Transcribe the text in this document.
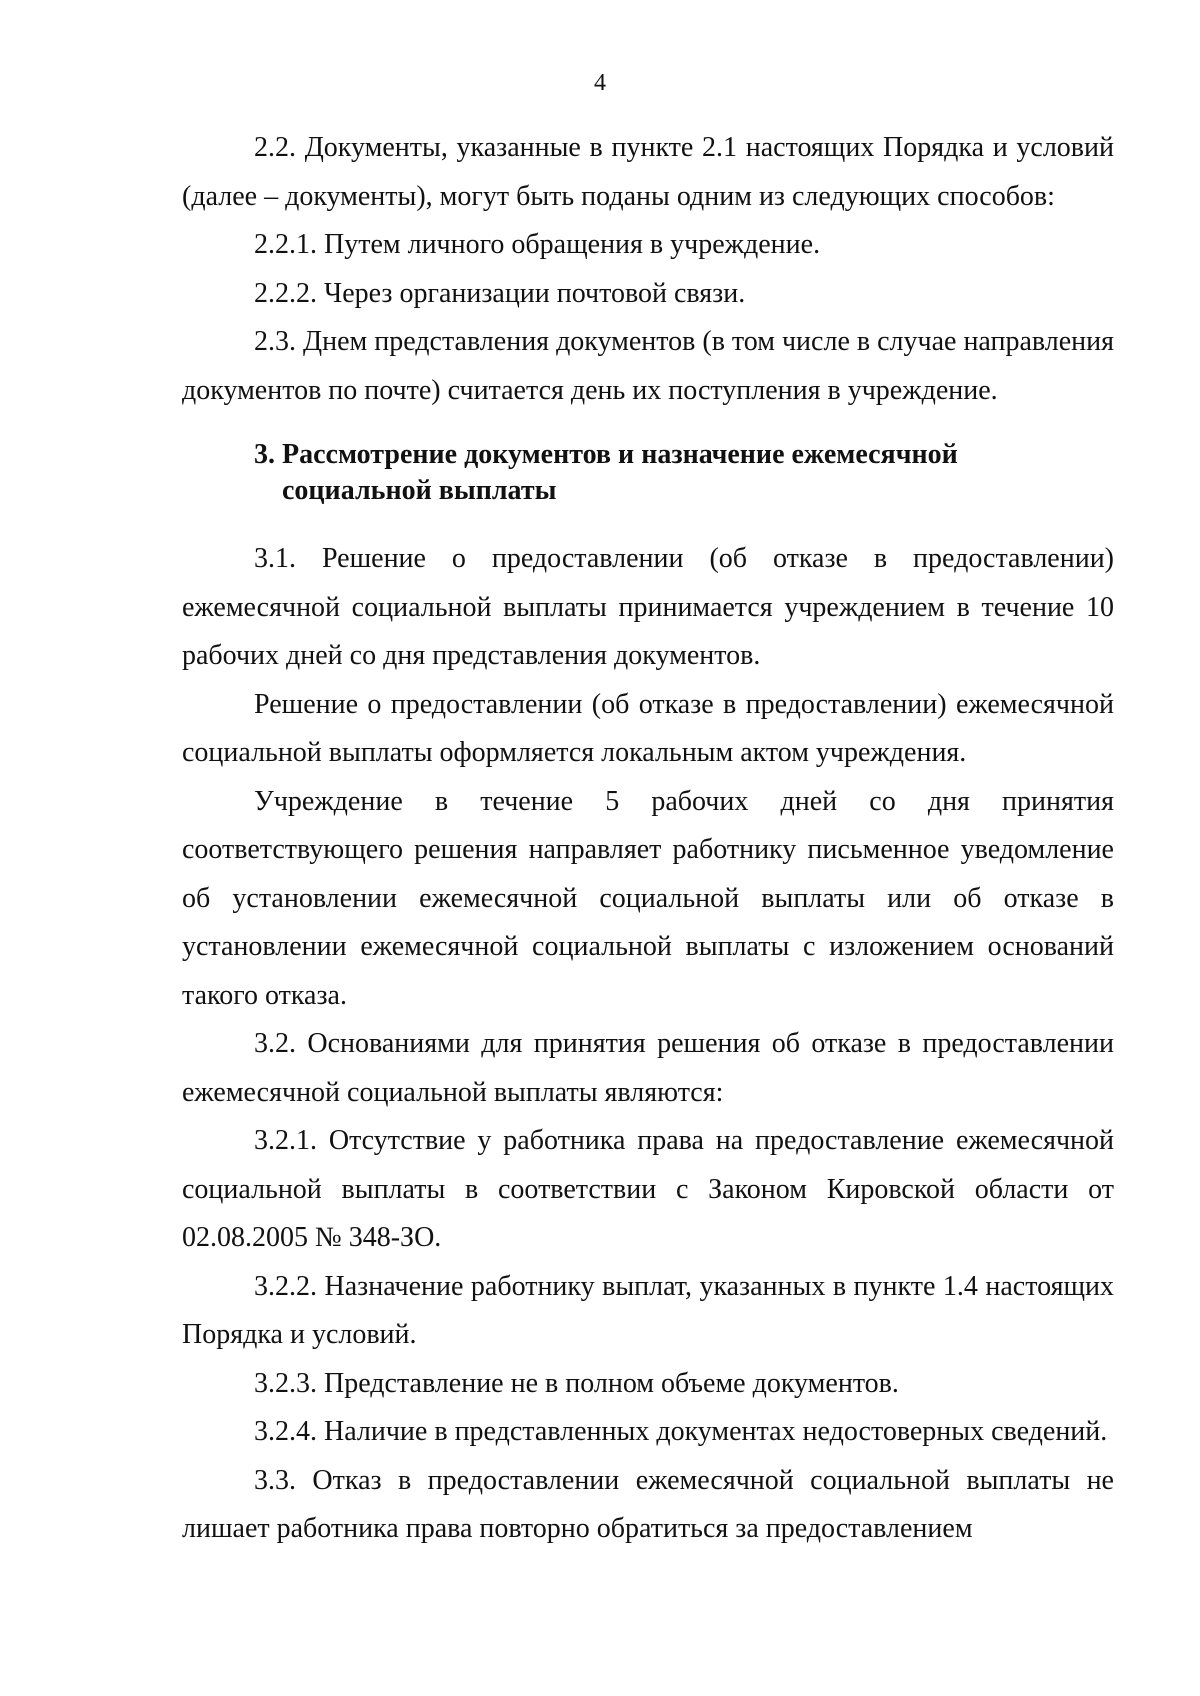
4

2.2. Документы, указанные в пункте 2.1 настоящих Порядка и условий (далее – документы), могут быть поданы одним из следующих способов:

2.2.1. Путем личного обращения в учреждение.

2.2.2. Через организации почтовой связи.

2.3. Днем представления документов (в том числе в случае направления документов по почте) считается день их поступления в учреждение.

3. Рассмотрение документов и назначение ежемесячной социальной выплаты

3.1. Решение о предоставлении (об отказе в предоставлении) ежемесячной социальной выплаты принимается учреждением в течение 10 рабочих дней со дня представления документов.

Решение о предоставлении (об отказе в предоставлении) ежемесячной социальной выплаты оформляется локальным актом учреждения.

Учреждение в течение 5 рабочих дней со дня принятия соответствующего решения направляет работнику письменное уведомление об установлении ежемесячной социальной выплаты или об отказе в установлении ежемесячной социальной выплаты с изложением оснований такого отказа.

3.2. Основаниями для принятия решения об отказе в предоставлении ежемесячной социальной выплаты являются:

3.2.1. Отсутствие у работника права на предоставление ежемесячной социальной выплаты в соответствии с Законом Кировской области от 02.08.2005 № 348-ЗО.

3.2.2. Назначение работнику выплат, указанных в пункте 1.4 настоящих Порядка и условий.

3.2.3. Представление не в полном объеме документов.

3.2.4. Наличие в представленных документах недостоверных сведений.

3.3. Отказ в предоставлении ежемесячной социальной выплаты не лишает работника права повторно обратиться за предоставлением
